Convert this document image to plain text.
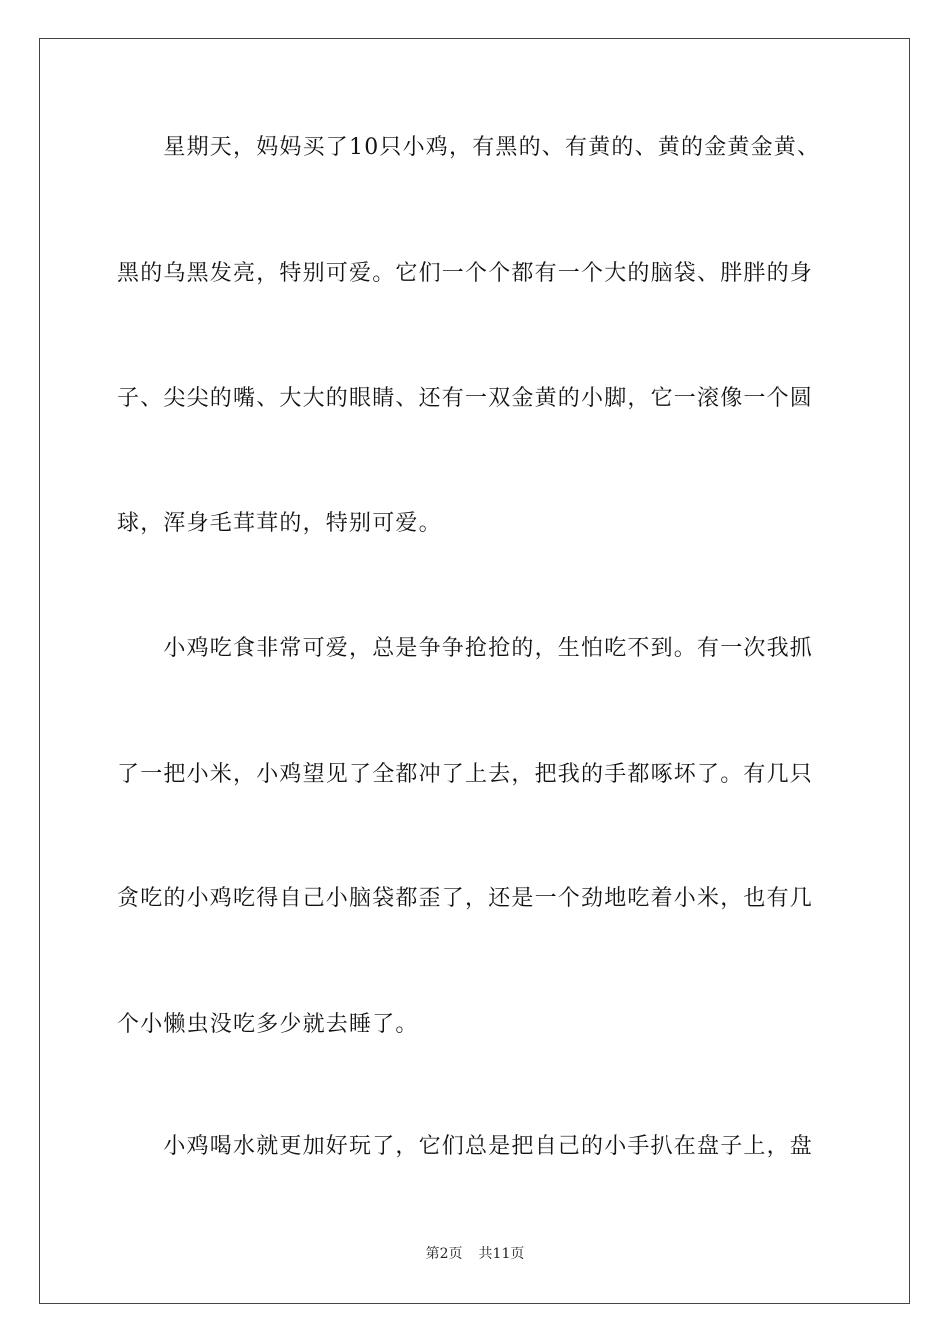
　　星期天，妈妈买了10只小鸡，有黑的、有黄的、黄的金黄金黄、
黑的乌黑发亮，特别可爱。它们一个个都有一个大的脑袋、胖胖的身
子、尖尖的嘴、大大的眼睛、还有一双金黄的小脚，它一滚像一个圆
球，浑身毛茸茸的，特别可爱。
　　小鸡吃食非常可爱，总是争争抢抢的，生怕吃不到。有一次我抓
了一把小米，小鸡望见了全都冲了上去，把我的手都啄坏了。有几只
贪吃的小鸡吃得自己小脑袋都歪了，还是一个劲地吃着小米，也有几
个小懒虫没吃多少就去睡了。
　　小鸡喝水就更加好玩了，它们总是把自己的小手扒在盘子上，盘
第2页 共11页
